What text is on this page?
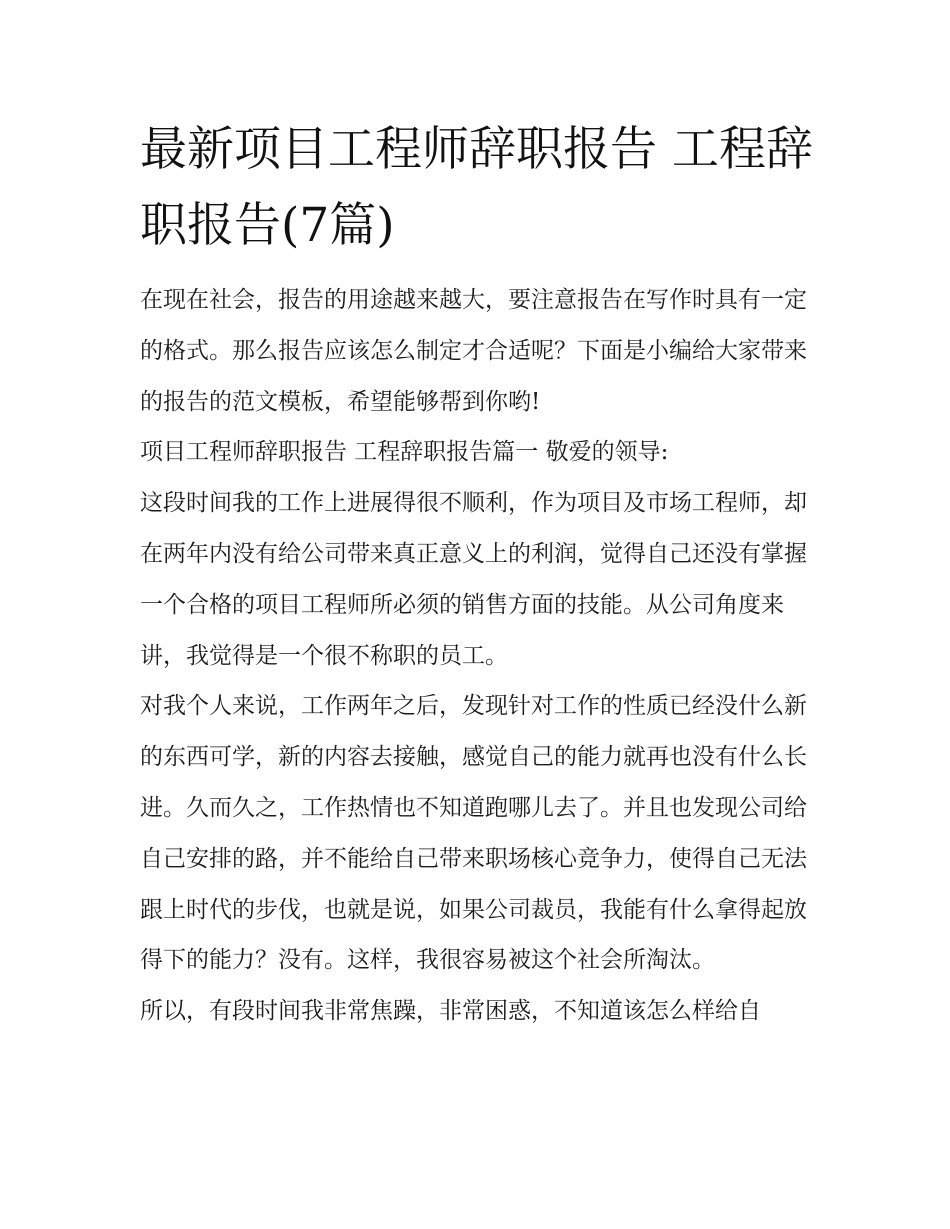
最新项目工程师辞职报告 工程辞职报告(7篇)

在现在社会，报告的用途越来越大，要注意报告在写作时具有一定的格式。那么报告应该怎么制定才合适呢？下面是小编给大家带来的报告的范文模板，希望能够帮到你哟!

项目工程师辞职报告 工程辞职报告篇一 敬爱的领导:

这段时间我的工作上进展得很不顺利，作为项目及市场工程师，却在两年内没有给公司带来真正意义上的利润，觉得自己还没有掌握一个合格的项目工程师所必须的销售方面的技能。从公司角度来讲，我觉得是一个很不称职的员工。

对我个人来说，工作两年之后，发现针对工作的性质已经没什么新的东西可学，新的内容去接触，感觉自己的能力就再也没有什么长进。久而久之，工作热情也不知道跑哪儿去了。并且也发现公司给自己安排的路，并不能给自己带来职场核心竞争力，使得自己无法跟上时代的步伐，也就是说，如果公司裁员，我能有什么拿得起放得下的能力？没有。这样，我很容易被这个社会所淘汰。

所以，有段时间我非常焦躁，非常困惑，不知道该怎么样给自
